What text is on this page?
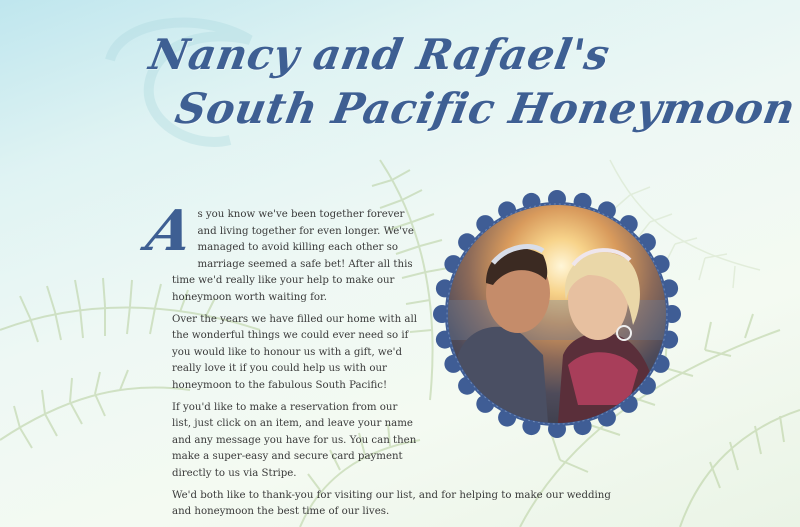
Nancy and Rafael's
South Pacific Honeymoon

A
s you know we've been together forever and living together for even longer. We've managed to avoid killing each other so marriage seemed a safe bet! After all this time we'd really like your help to make our honeymoon worth waiting for.

Over the years we have filled our home with all the wonderful things we could ever need so if you would like to honour us with a gift, we'd really love it if you could help us with our honeymoon to the fabulous South Pacific!

If you'd like to make a reservation from our list, just click on an item, and leave your name and any message you have for us. You can then make a super-easy and secure card payment directly to us via Stripe.

We'd both like to thank-you for visiting our list, and for helping to make our wedding and honeymoon the best time of our lives.
